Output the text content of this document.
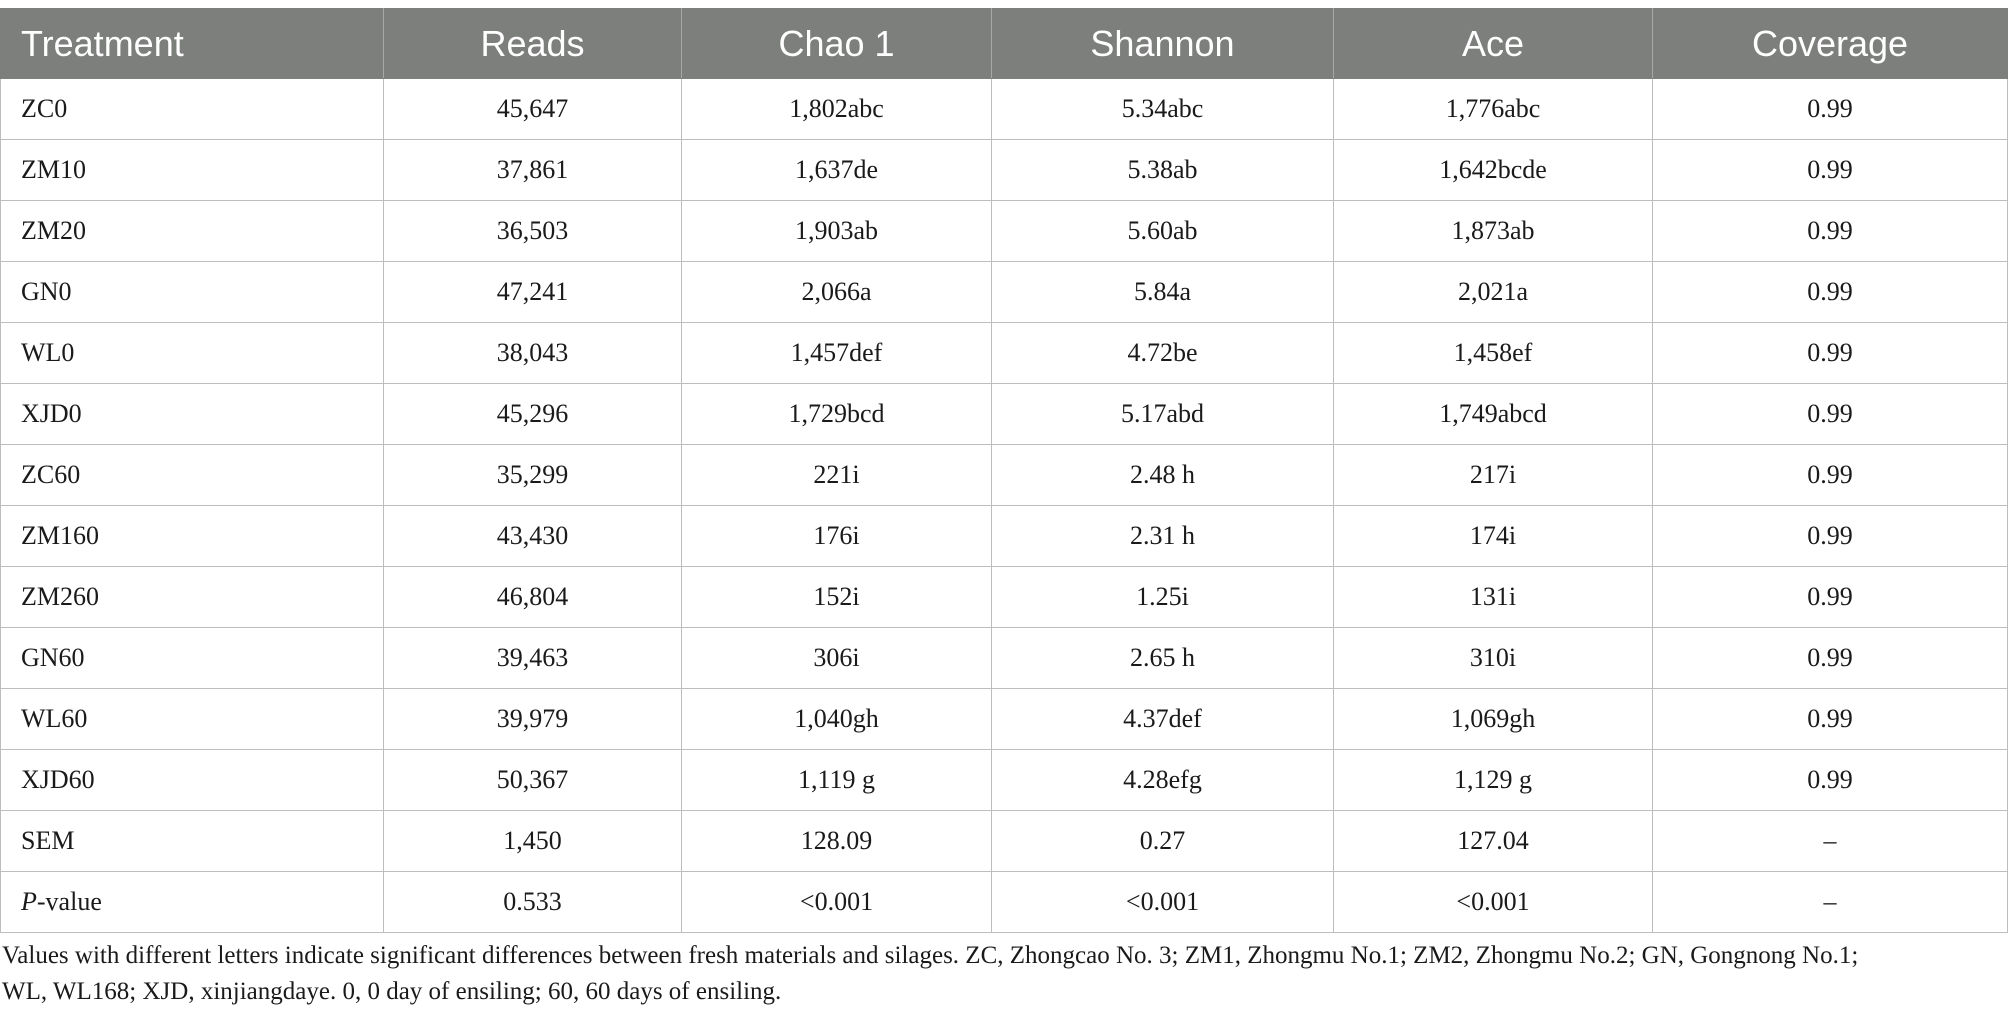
Treatment	Reads	Chao 1	Shannon	Ace	Coverage
ZC0	45,647	1,802abc	5.34abc	1,776abc	0.99
ZM10	37,861	1,637de	5.38ab	1,642bcde	0.99
ZM20	36,503	1,903ab	5.60ab	1,873ab	0.99
GN0	47,241	2,066a	5.84a	2,021a	0.99
WL0	38,043	1,457def	4.72be	1,458ef	0.99
XJD0	45,296	1,729bcd	5.17abd	1,749abcd	0.99
ZC60	35,299	221i	2.48 h	217i	0.99
ZM160	43,430	176i	2.31 h	174i	0.99
ZM260	46,804	152i	1.25i	131i	0.99
GN60	39,463	306i	2.65 h	310i	0.99
WL60	39,979	1,040gh	4.37def	1,069gh	0.99
XJD60	50,367	1,119 g	4.28efg	1,129 g	0.99
SEM	1,450	128.09	0.27	127.04	–
P-value	0.533	<0.001	<0.001	<0.001	–

Values with different letters indicate significant differences between fresh materials and silages. ZC, Zhongcao No. 3; ZM1, Zhongmu No.1; ZM2, Zhongmu No.2; GN, Gongnong No.1;

WL, WL168; XJD, xinjiangdaye. 0, 0 day of ensiling; 60, 60 days of ensiling.
